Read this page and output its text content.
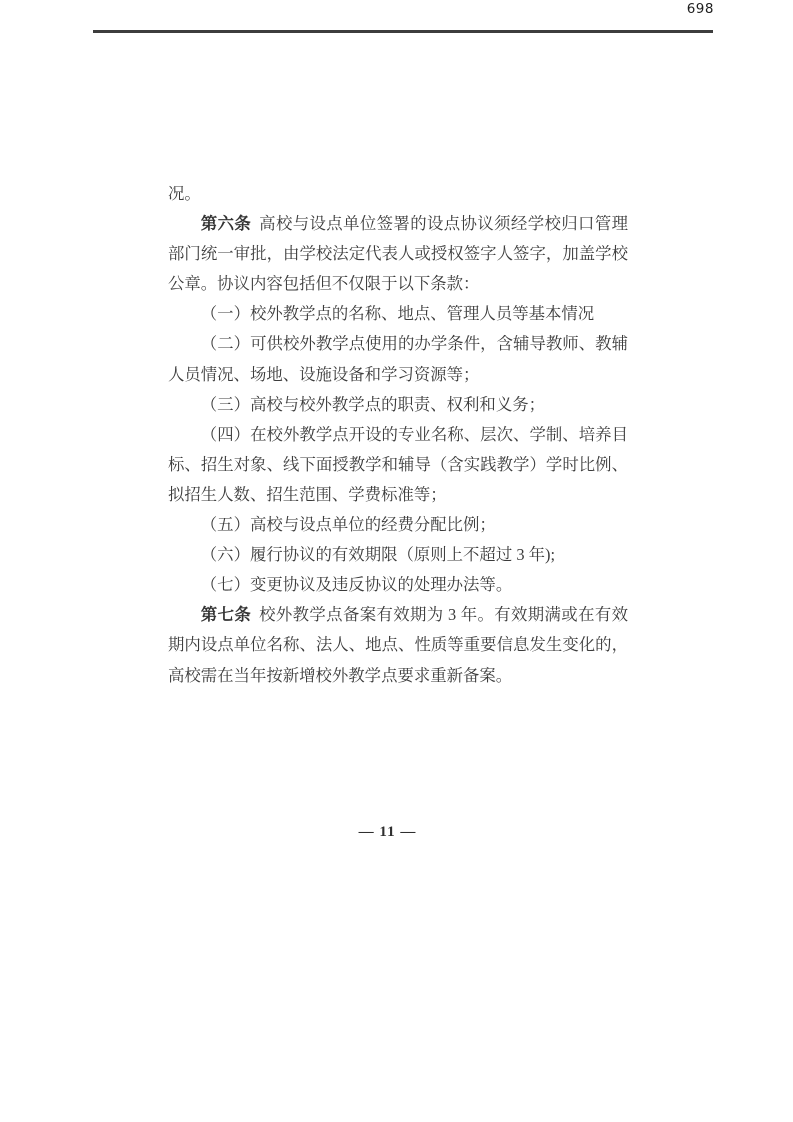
698

况。

第六条 高校与设点单位签署的设点协议须经学校归口管理部门统一审批，由学校法定代表人或授权签字人签字，加盖学校公章。协议内容包括但不仅限于以下条款：

（一）校外教学点的名称、地点、管理人员等基本情况

（二）可供校外教学点使用的办学条件，含辅导教师、教辅人员情况、场地、设施设备和学习资源等；

（三）高校与校外教学点的职责、权利和义务；

（四）在校外教学点开设的专业名称、层次、学制、培养目标、招生对象、线下面授教学和辅导（含实践教学）学时比例、拟招生人数、招生范围、学费标准等；

（五）高校与设点单位的经费分配比例；

（六）履行协议的有效期限（原则上不超过 3 年);

（七）变更协议及违反协议的处理办法等。

第七条 校外教学点备案有效期为 3 年。有效期满或在有效期内设点单位名称、法人、地点、性质等重要信息发生变化的，高校需在当年按新增校外教学点要求重新备案。

— 11 —
